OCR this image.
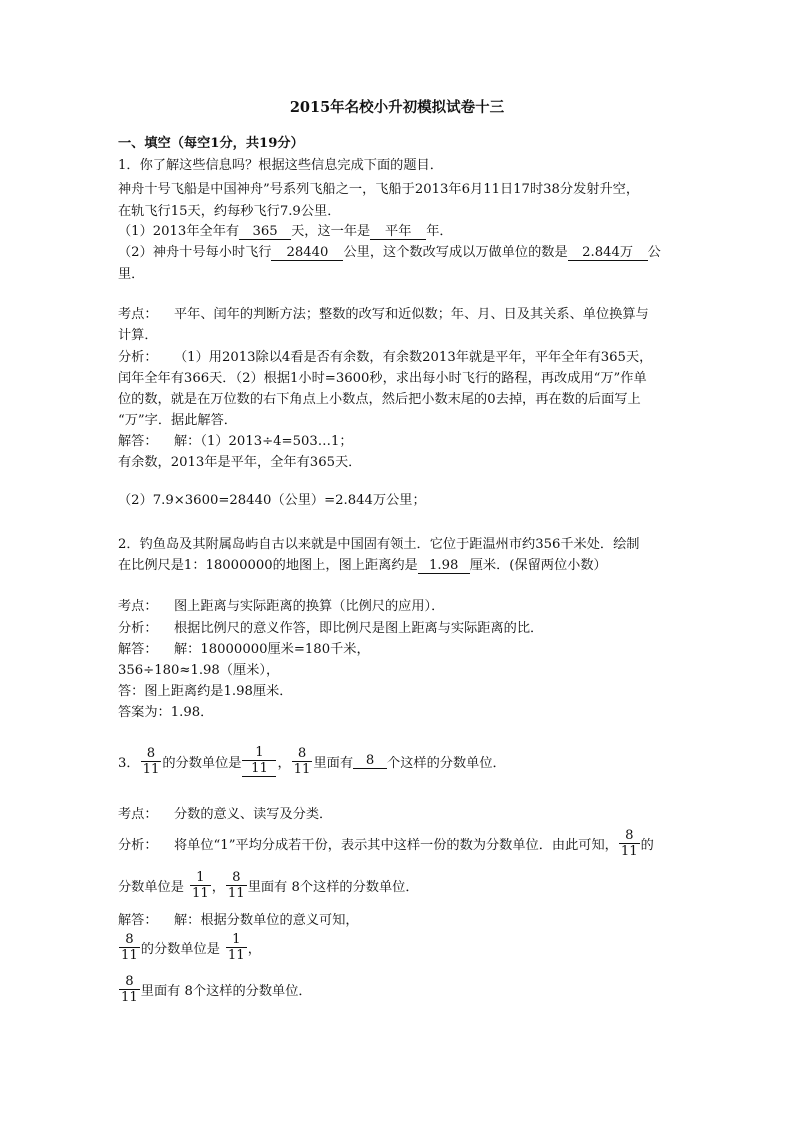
2015年名校小升初模拟试卷十三
一、填空（每空1分，共19分）
1．你了解这些信息吗？根据这些信息完成下面的题目．
神舟十号飞船是中国神舟”号系列飞船之一，飞船于2013年6月11日17时38分发射升空，
在轨飞行15天，约每秒飞行7.9公里．
（1）2013年全年有 365 天，这一年是 平年 年．
（2）神舟十号每小时飞行 28440 公里，这个数改写成以万做单位的数是 2.844万 公
里．
考点： 平年、闰年的判断方法；整数的改写和近似数；年、月、日及其关系、单位换算与
计算．
分析： （1）用2013除以4看是否有余数，有余数2013年就是平年，平年全年有365天，
闰年全年有366天．（2）根据1小时=3600秒，求出每小时飞行的路程，再改成用“万”作单
位的数，就是在万位数的右下角点上小数点，然后把小数末尾的0去掉，再在数的后面写上
“万”字．据此解答．
解答： 解：（1）2013÷4=503…1；
有余数，2013年是平年，全年有365天．
（2）7.9×3600=28440（公里）=2.844万公里；
2．钓鱼岛及其附属岛屿自古以来就是中国固有领土．它位于距温州市约356千米处．绘制
在比例尺是1：18000000的地图上，图上距离约是 1.98 厘米．(保留两位小数）
考点： 图上距离与实际距离的换算（比例尺的应用）．
分析： 根据比例尺的意义作答，即比例尺是图上距离与实际距离的比．
解答： 解：18000000厘米=180千米，
356÷180≈1.98（厘米），
答：图上距离约是1.98厘米．
答案为：1.98．
3． $\frac{8}{11}$ 的分数单位是 $\frac{1}{11}$ ， $\frac{8}{11}$ 里面有 8 个这样的分数单位．
考点： 分数的意义、读写及分类．
分析：	将单位“1”平均分成若干份，表示其中这样一份的数为分数单位．由此可知， $\frac{8}{11}$ 的
分数单位是 $\frac{1}{11}$ ， $\frac{8}{11}$ 里面有 8个这样的分数单位．
解答： 解：根据分数单位的意义可知，
$\frac{8}{11}$ 的分数单位是 $\frac{1}{11}$ ，
$\frac{8}{11}$ 里面有 8个这样的分数单位．
